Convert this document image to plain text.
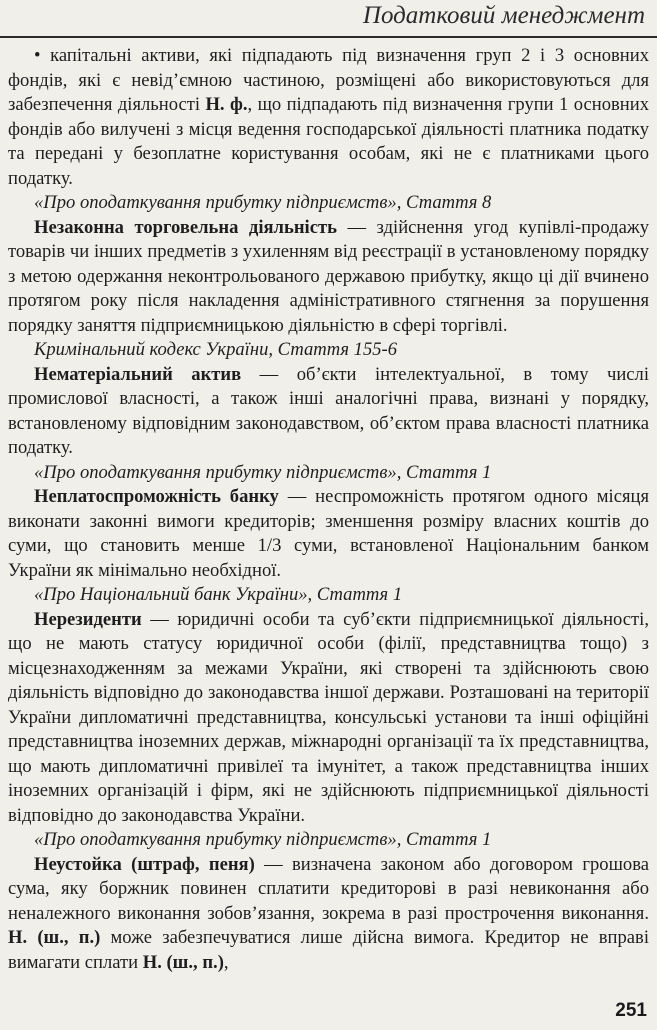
Податковий менеджмент

• капітальні активи, які підпадають під визначення груп 2 і 3 основних фондів, які є невід’ємною частиною, розміщені або використовуються для забезпечення діяльності Н. ф., що підпадають під визначення групи 1 основних фондів або вилучені з місця ведення господарської діяльності платника податку та передані у безоплатне користування особам, які не є платниками цього податку.

«Про оподаткування прибутку підприємств», Стаття 8

Незаконна торговельна діяльність — здійснення угод купівлі-продажу товарів чи інших предметів з ухиленням від реєстрації в установленому порядку з метою одержання неконтрольованого державою прибутку, якщо ці дії вчинено протягом року після накладення адміністративного стягнення за порушення порядку заняття підприємницькою діяльністю в сфері торгівлі.

Кримінальний кодекс України, Стаття 155-6

Нематеріальний актив — об’єкти інтелектуальної, в тому числі промислової власності, а також інші аналогічні права, визнані у порядку, встановленому відповідним законодавством, об’єктом права власності платника податку.

«Про оподаткування прибутку підприємств», Стаття 1

Неплатоспроможність банку — неспроможність протягом одного місяця виконати законні вимоги кредиторів; зменшення розміру власних коштів до суми, що становить менше 1/3 суми, встановленої Національним банком України як мінімально необхідної.

«Про Національний банк України», Стаття 1

Нерезиденти — юридичні особи та суб’єкти підприємницької діяльності, що не мають статусу юридичної особи (філії, представництва тощо) з місцезнаходженням за межами України, які створені та здійснюють свою діяльність відповідно до законодавства іншої держави. Розташовані на території України дипломатичні представництва, консульські установи та інші офіційні представництва іноземних держав, міжнародні організації та їх представництва, що мають дипломатичні привілеї та імунітет, а також представництва інших іноземних організацій і фірм, які не здійснюють підприємницької діяльності відповідно до законодавства України.

«Про оподаткування прибутку підприємств», Стаття 1

Неустойка (штраф, пеня) — визначена законом або договором грошова сума, яку боржник повинен сплатити кредиторові в разі невиконання або неналежного виконання зобов’язання, зокрема в разі прострочення виконання. Н. (ш., п.) може забезпечуватися лише дійсна вимога. Кредитор не вправі вимагати сплати Н. (ш., п.),

251
